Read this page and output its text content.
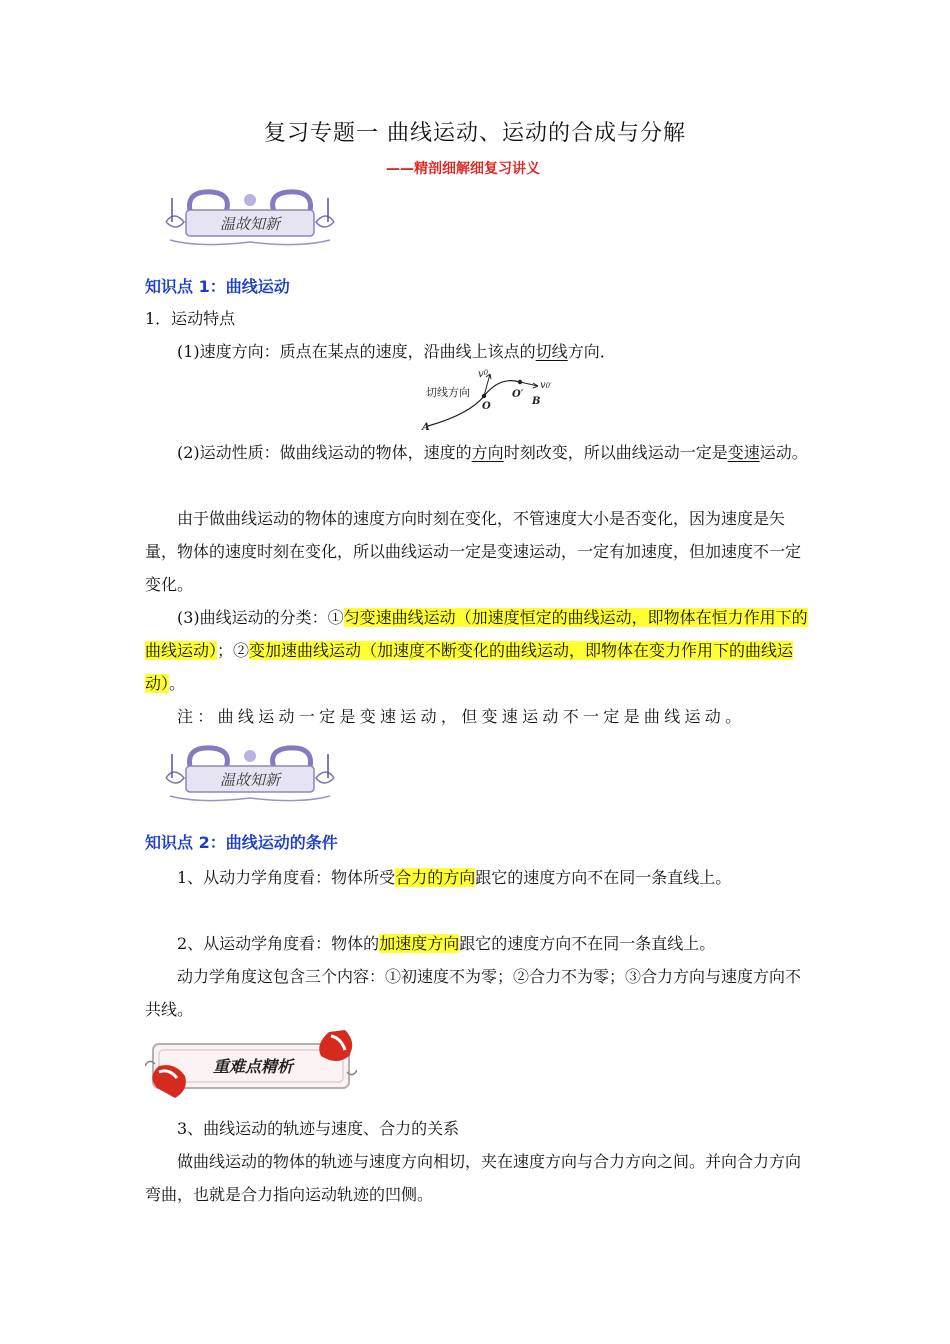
复习专题一 曲线运动、运动的合成与分解
——精剖细解细复习讲义
温故知新
知识点 1：曲线运动
1．运动特点
(1)速度方向：质点在某点的速度，沿曲线上该点的切线方向．
切线方向
$v^0$
v0′
O
O′
B
A
(2)运动性质：做曲线运动的物体，速度的方向时刻改变，所以曲线运动一定是变速运动。
由于做曲线运动的物体的速度方向时刻在变化，不管速度大小是否变化，因为速度是矢量，物体的速度时刻在变化，所以曲线运动一定是变速运动，一定有加速度，但加速度不一定变化。
(3)曲线运动的分类：①匀变速曲线运动（加速度恒定的曲线运动，即物体在恒力作用下的曲线运动）；②变加速曲线运动（加速度不断变化的曲线运动，即物体在变力作用下的曲线运动）。
注：曲线运动一定是变速运动，但变速运动不一定是曲线运动。
温故知新
知识点 2：曲线运动的条件
1、从动力学角度看：物体所受合力的方向跟它的速度方向不在同一条直线上。
2、从运动学角度看：物体的加速度方向跟它的速度方向不在同一条直线上。
动力学角度这包含三个内容：①初速度不为零；②合力不为零；③合力方向与速度方向不共线。
重难点精析
3、曲线运动的轨迹与速度、合力的关系
做曲线运动的物体的轨迹与速度方向相切，夹在速度方向与合力方向之间。并向合力方向弯曲，也就是合力指向运动轨迹的凹侧。
